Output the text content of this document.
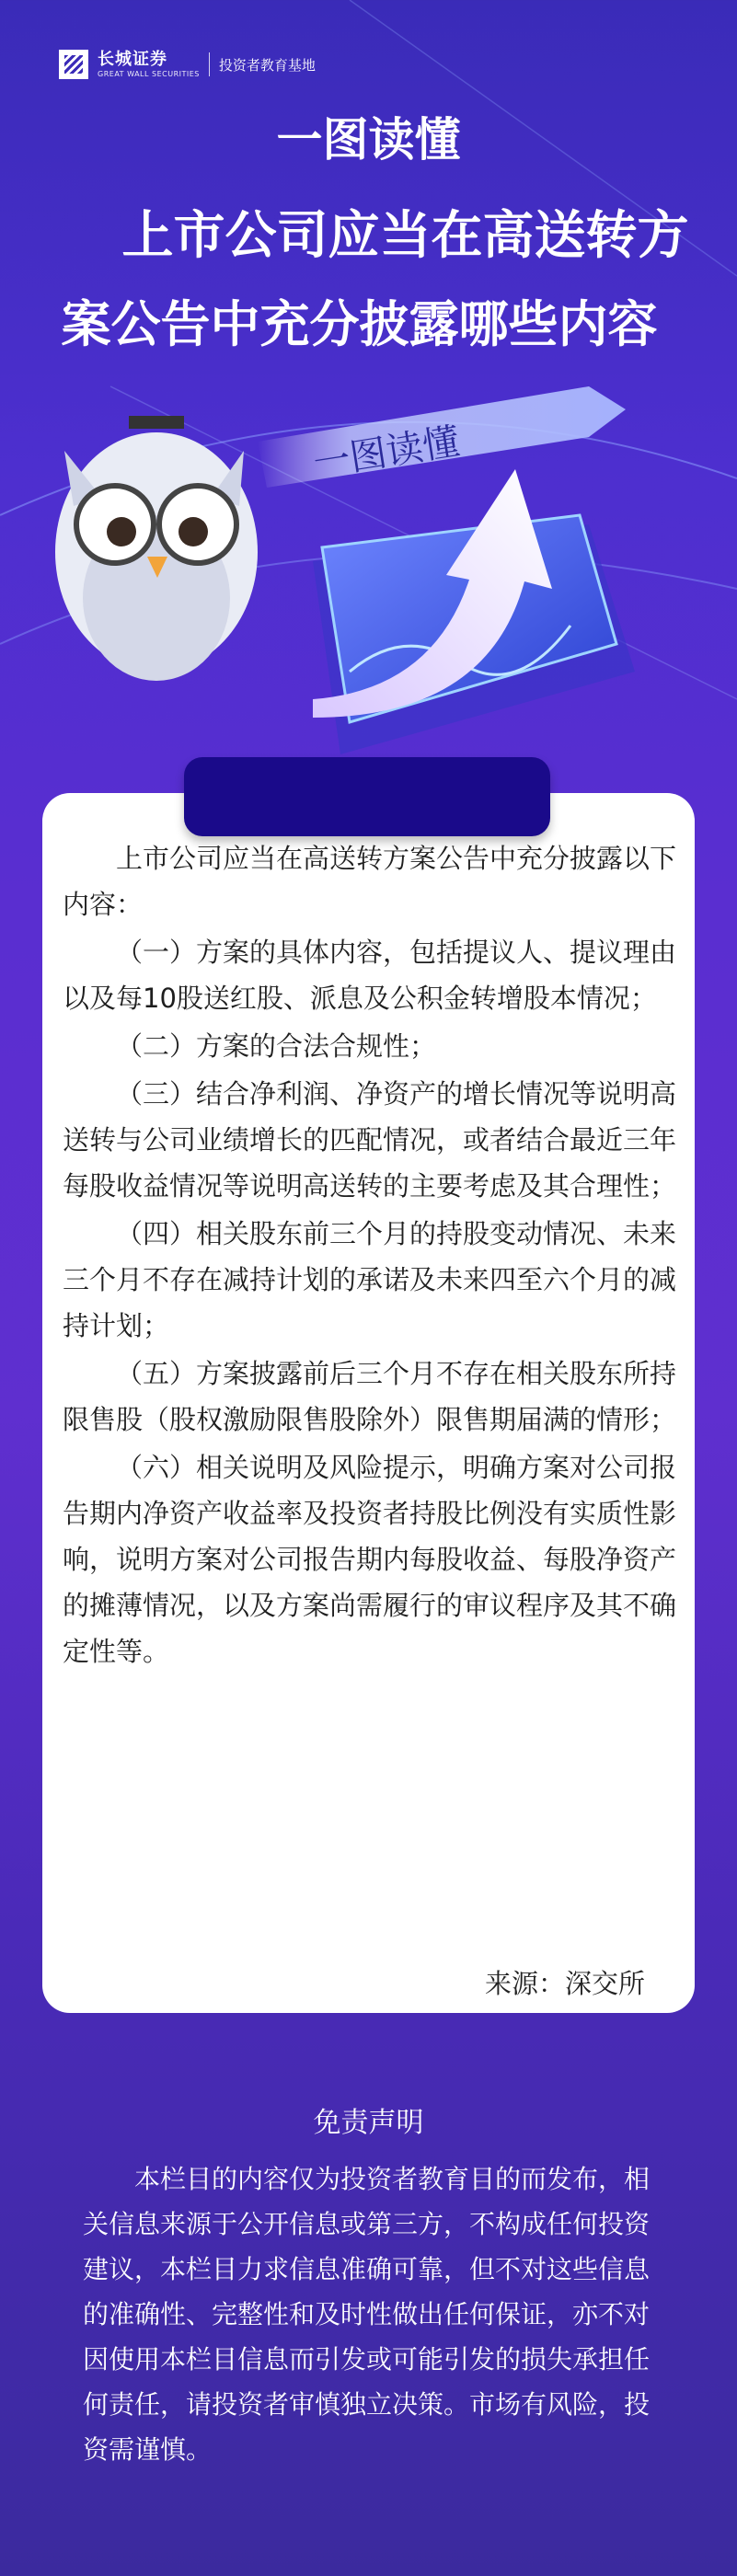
长城证券
GREAT WALL SECURITIES
投资者教育基地
一图读懂
上市公司应当在高送转方
案公告中充分披露哪些内容
一图读懂

上市公司应当在高送转方案公告中充分披露以下内容：

（一）方案的具体内容，包括提议人、提议理由以及每10股送红股、派息及公积金转增股本情况；

（二）方案的合法合规性；

（三）结合净利润、净资产的增长情况等说明高送转与公司业绩增长的匹配情况，或者结合最近三年每股收益情况等说明高送转的主要考虑及其合理性；

（四）相关股东前三个月的持股变动情况、未来三个月不存在减持计划的承诺及未来四至六个月的减持计划；

（五）方案披露前后三个月不存在相关股东所持限售股（股权激励限售股除外）限售期届满的情形；

（六）相关说明及风险提示，明确方案对公司报告期内净资产收益率及投资者持股比例没有实质性影响，说明方案对公司报告期内每股收益、每股净资产的摊薄情况，以及方案尚需履行的审议程序及其不确定性等。

来源：深交所
免责声明
本栏目的内容仅为投资者教育目的而发布，相关信息来源于公开信息或第三方，不构成任何投资建议，本栏目力求信息准确可靠，但不对这些信息的准确性、完整性和及时性做出任何保证，亦不对因使用本栏目信息而引发或可能引发的损失承担任何责任，请投资者审慎独立决策。市场有风险，投资需谨慎。
